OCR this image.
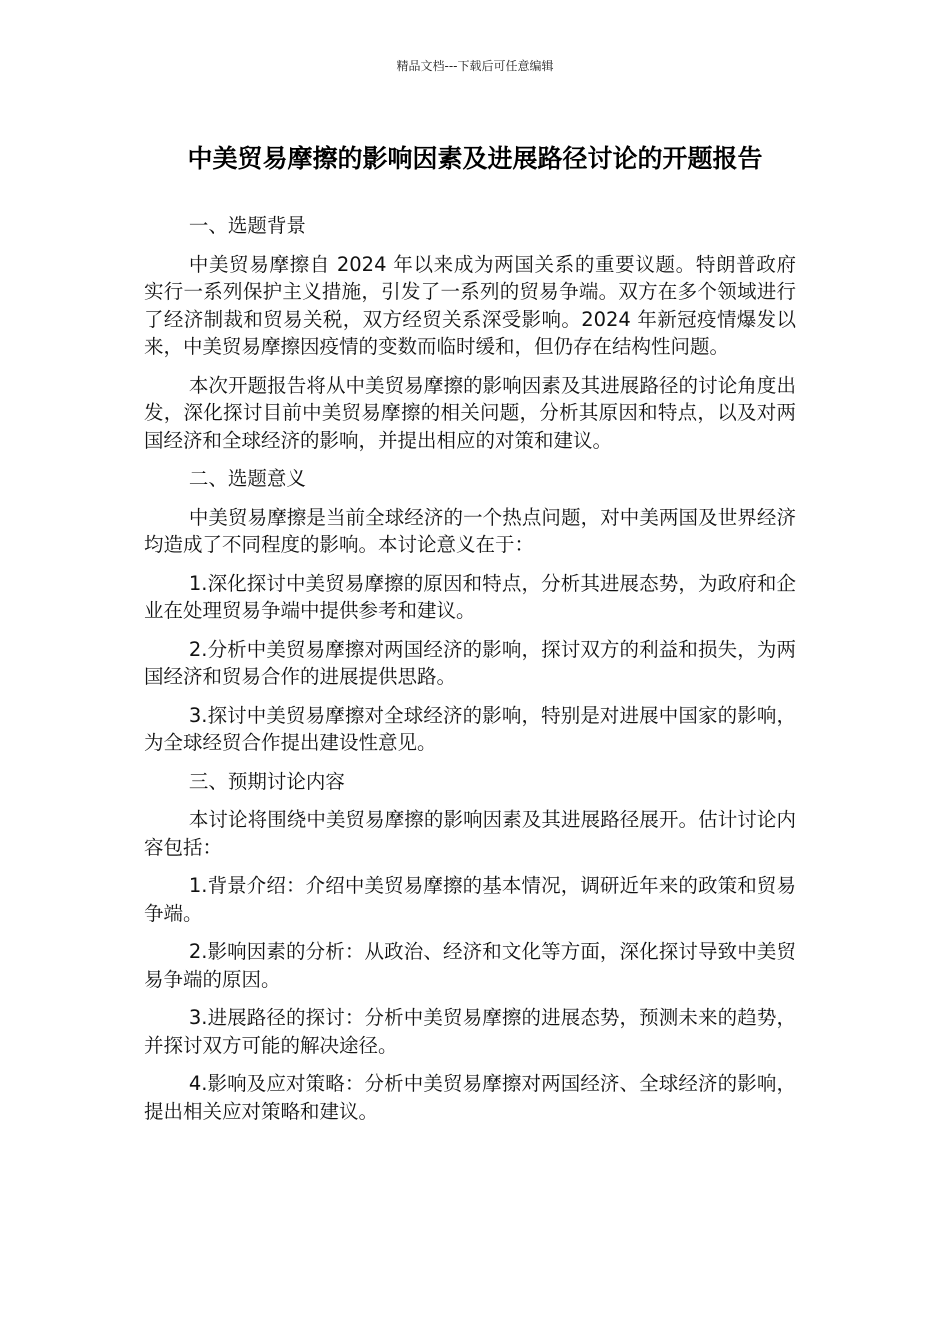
精品文档---下载后可任意编辑
中美贸易摩擦的影响因素及进展路径讨论的开题报告

一、选题背景

中美贸易摩擦自 2024 年以来成为两国关系的重要议题。特朗普政府实行一系列保护主义措施，引发了一系列的贸易争端。双方在多个领域进行了经济制裁和贸易关税，双方经贸关系深受影响。2024 年新冠疫情爆发以来，中美贸易摩擦因疫情的变数而临时缓和，但仍存在结构性问题。

本次开题报告将从中美贸易摩擦的影响因素及其进展路径的讨论角度出发，深化探讨目前中美贸易摩擦的相关问题，分析其原因和特点，以及对两国经济和全球经济的影响，并提出相应的对策和建议。

二、选题意义

中美贸易摩擦是当前全球经济的一个热点问题，对中美两国及世界经济均造成了不同程度的影响。本讨论意义在于：

1.深化探讨中美贸易摩擦的原因和特点，分析其进展态势，为政府和企业在处理贸易争端中提供参考和建议。

2.分析中美贸易摩擦对两国经济的影响，探讨双方的利益和损失，为两国经济和贸易合作的进展提供思路。

3.探讨中美贸易摩擦对全球经济的影响，特别是对进展中国家的影响，为全球经贸合作提出建设性意见。

三、预期讨论内容

本讨论将围绕中美贸易摩擦的影响因素及其进展路径展开。估计讨论内容包括：

1.背景介绍：介绍中美贸易摩擦的基本情况，调研近年来的政策和贸易争端。

2.影响因素的分析：从政治、经济和文化等方面，深化探讨导致中美贸易争端的原因。

3.进展路径的探讨：分析中美贸易摩擦的进展态势，预测未来的趋势，并探讨双方可能的解决途径。

4.影响及应对策略：分析中美贸易摩擦对两国经济、全球经济的影响，提出相关应对策略和建议。
